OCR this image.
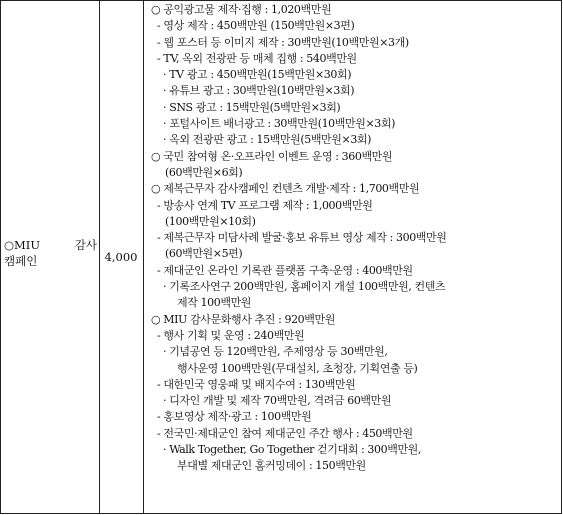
○MIU	감사
캠페인	4,000
○ 공익광고물 제작·집행 : 1,020백만원
- 영상 제작 : 450백만원 (150백만원×3편)
- 웹 포스터 등 이미지 제작 : 30백만원(10백만원×3개)
- TV, 옥외 전광판 등 매체 집행 : 540백만원
· TV 광고 : 450백만원(15백만원×30회)
· 유튜브 광고 : 30백만원(10백만원×3회)
· SNS 광고 : 15백만원(5백만원×3회)
· 포털사이트 배너광고 : 30백만원(10백만원×3회)
· 옥외 전광판 광고 : 15백만원(5백만원×3회)
○ 국민 참여형 온·오프라인 이벤트 운영 : 360백만원
(60백만원×6회)
○ 제복근무자 감사캠페인 컨텐츠 개발·제작 : 1,700백만원
- 방송사 연계 TV 프로그램 제작 : 1,000백만원
(100백만원×10회)
- 제복근무자 미담사례 발굴·홍보 유튜브 영상 제작 : 300백만원
(60백만원×5편)
- 제대군인 온라인 기록관 플랫폼 구축·운영 : 400백만원
· 기록조사연구 200백만원, 홈페이지 개설 100백만원, 컨텐츠
제작 100백만원
○ MIU 감사문화행사 추진 : 920백만원
- 행사 기획 및 운영 : 240백만원
· 기념공연 등 120백만원, 주제영상 등 30백만원,
행사운영 100백만원(무대설치, 초청장, 기획연출 등)
- 대한민국 영웅패 및 배지수여 : 130백만원
· 디자인 개발 및 제작 70백만원, 격려금 60백만원
- 홍보영상 제작·광고 : 100백만원
- 전국민·제대군인 참여 제대군인 주간 행사 : 450백만원
· Walk Together, Go Together 걷기대회 : 300백만원,
부대별 제대군인 홈커밍데이 : 150백만원
